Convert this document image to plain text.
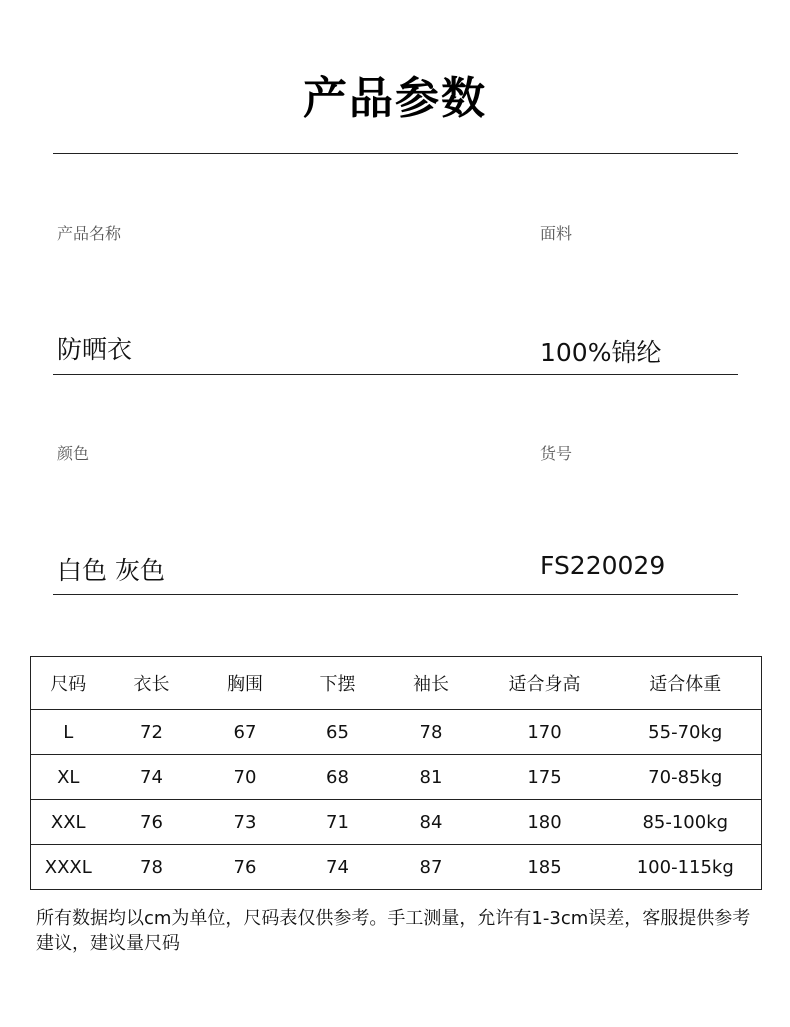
产品参数
产品名称	面料
防晒衣	100%锦纶
颜色	货号
白色 灰色	FS220029
尺码	衣长	胸围	下摆	袖长	适合身高	适合体重
L	72	67	65	78	170	55-70kg
XL	74	70	68	81	175	70-85kg
XXL	76	73	71	84	180	85-100kg
XXXL	78	76	74	87	185	100-115kg
所有数据均以cm为单位，尺码表仅供参考。手工测量，允许有1-3cm误差，客服提供参考建议，建议量尺码
